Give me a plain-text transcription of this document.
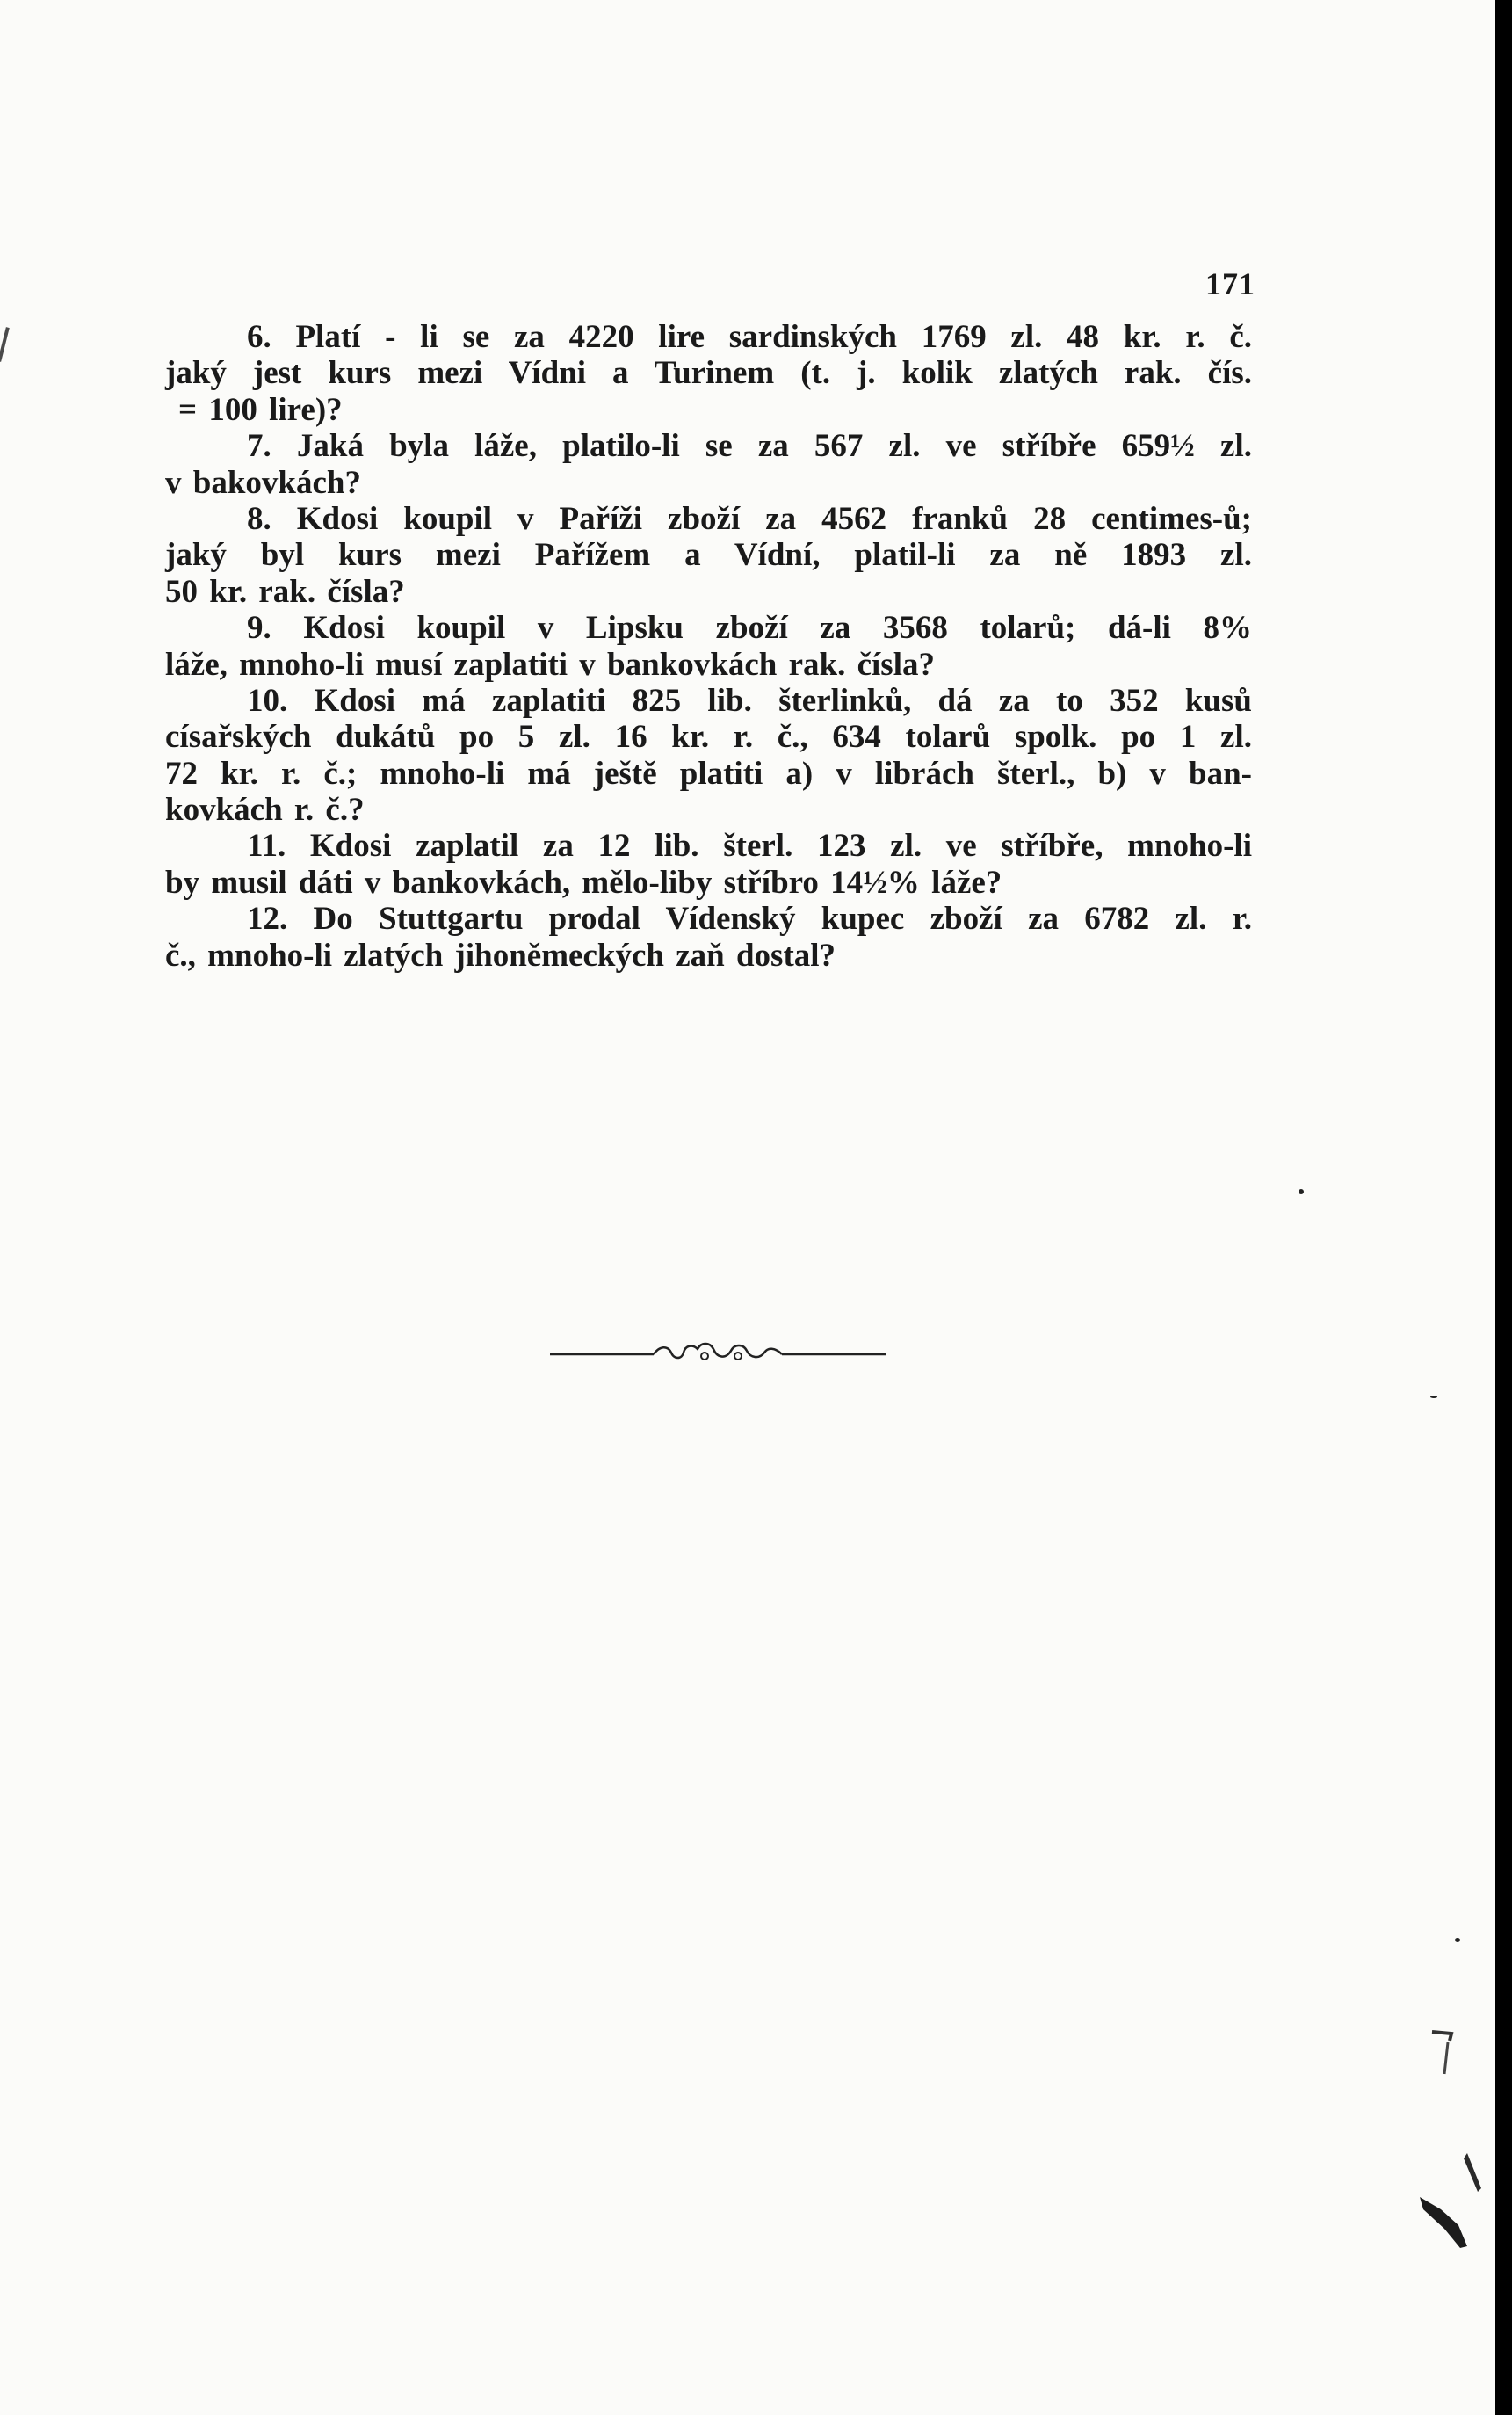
171
6. Platí - li se za 4220 lire sardinských 1769 zl. 48 kr. r. č.
jaký jest kurs mezi Vídni a Turinem (t. j. kolik zlatých rak. čís.
= 100 lire)?
7. Jaká byla láže, platilo-li se za 567 zl. ve stříbře 659½ zl.
v bakovkách?
8. Kdosi koupil v Paříži zboží za 4562 franků 28 centimes-ů;
jaký byl kurs mezi Pařížem a Vídní, platil-li za ně 1893 zl.
50 kr. rak. čísla?
9. Kdosi koupil v Lipsku zboží za 3568 tolarů; dá-li 8%
láže, mnoho-li musí zaplatiti v bankovkách rak. čísla?
10. Kdosi má zaplatiti 825 lib. šterlinků, dá za to 352 kusů
císařských dukátů po 5 zl. 16 kr. r. č., 634 tolarů spolk. po 1 zl.
72 kr. r. č.; mnoho-li má ještě platiti a) v librách šterl., b) v ban-
kovkách r. č.?
11. Kdosi zaplatil za 12 lib. šterl. 123 zl. ve stříbře, mnoho-li
by musil dáti v bankovkách, mělo-liby stříbro 14½% láže?
12. Do Stuttgartu prodal Vídenský kupec zboží za 6782 zl. r.
č., mnoho-li zlatých jihoněmeckých zaň dostal?
